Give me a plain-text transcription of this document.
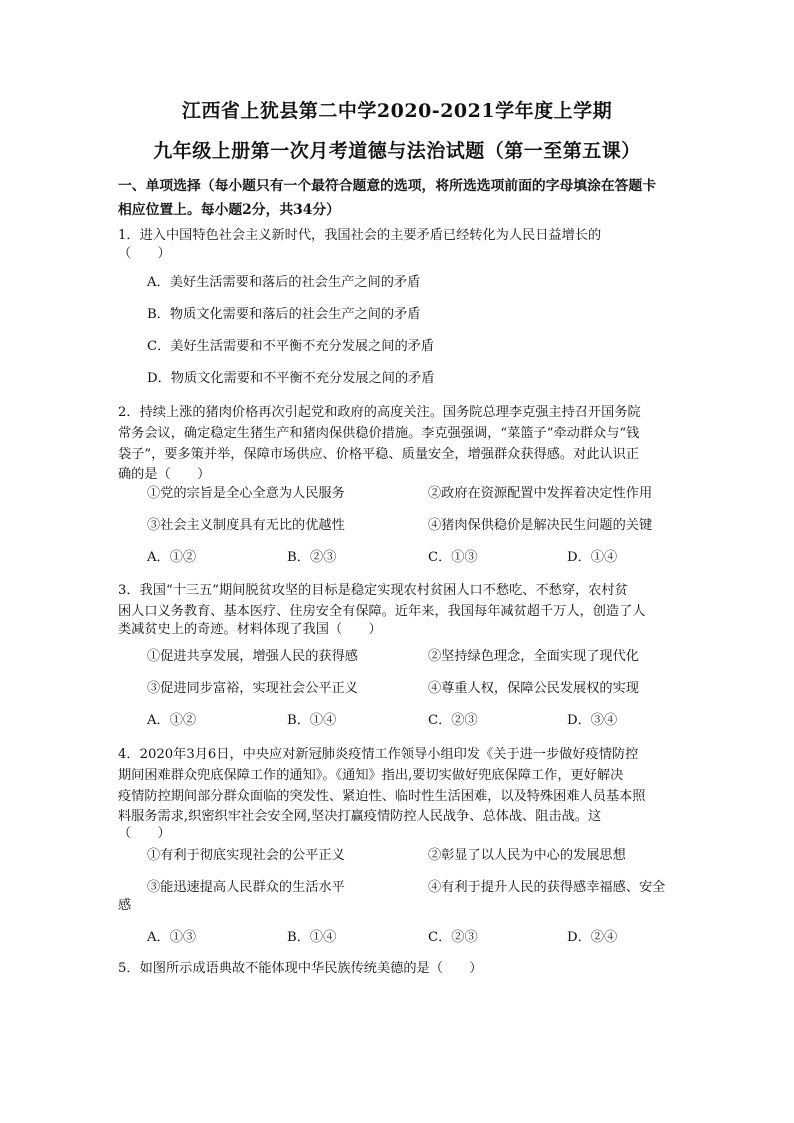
江西省上犹县第二中学2020-2021学年度上学期
九年级上册第一次月考道德与法治试题（第一至第五课）
一、单项选择（每小题只有一个最符合题意的选项，将所选选项前面的字母填涂在答题卡
相应位置上。每小题2分，共34分）
1．进入中国特色社会主义新时代，我国社会的主要矛盾已经转化为人民日益增长的
（　　）
A．美好生活需要和落后的社会生产之间的矛盾
B．物质文化需要和落后的社会生产之间的矛盾
C．美好生活需要和不平衡不充分发展之间的矛盾
D．物质文化需要和不平衡不充分发展之间的矛盾
2．持续上涨的猪肉价格再次引起党和政府的高度关注。国务院总理李克强主持召开国务院
常务会议，确定稳定生猪生产和猪肉保供稳价措施。李克强强调，“菜篮子”牵动群众与“钱
袋子”，要多策并举，保障市场供应、价格平稳、质量安全，增强群众获得感。对此认识正
确的是（　　）
①党的宗旨是全心全意为人民服务	②政府在资源配置中发挥着决定性作用
③社会主义制度具有无比的优越性	④猪肉保供稳价是解决民生问题的关键
A．①②	B．②③	C．①③	D．①④
3．我国“十三五”期间脱贫攻坚的目标是稳定实现农村贫困人口不愁吃、不愁穿，农村贫
困人口义务教育、基本医疗、住房安全有保障。近年来，我国每年减贫超千万人，创造了人
类减贫史上的奇迹。材料体现了我国（　　）
①促进共享发展，增强人民的获得感	②坚持绿色理念，全面实现了现代化
③促进同步富裕，实现社会公平正义	④尊重人权，保障公民发展权的实现
A．①②	B．①④	C．②③	D．③④
4．2020年3月6日，中央应对新冠肺炎疫情工作领导小组印发《关于进一步做好疫情防控
期间困难群众兜底保障工作的通知》。《通知》指出,要切实做好兜底保障工作，更好解决
疫情防控期间部分群众面临的突发性、紧迫性、临时性生活困难，以及特殊困难人员基本照
料服务需求,织密织牢社会安全网,坚决打赢疫情防控人民战争、总体战、阻击战。这
（　　）
①有利于彻底实现社会的公平正义	②彰显了以人民为中心的发展思想
③能迅速提高人民群众的生活水平	④有利于提升人民的获得感幸福感、安全
感
A．①③	B．①④	C．②③	D．②④
5．如图所示成语典故不能体现中华民族传统美德的是（　　）
